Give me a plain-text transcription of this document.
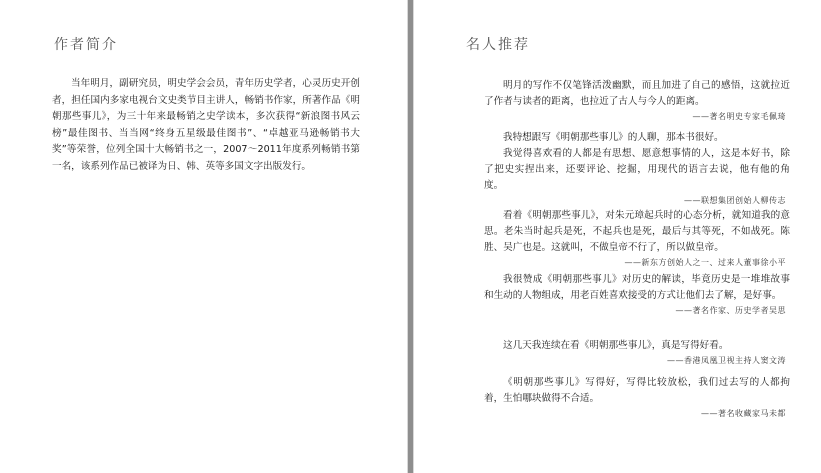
作者简介

当年明月，副研究员，明史学会会员，青年历史学者，心灵历史开创者，担任国内多家电视台文史类节目主讲人，畅销书作家，所著作品《明朝那些事儿》，为三十年来最畅销之史学读本，多次获得“新浪图书风云榜”最佳图书、当当网“终身五星级最佳图书”、“卓越亚马逊畅销书大奖”等荣誉，位列全国十大畅销书之一，2007～2011年度系列畅销书第一名，该系列作品已被译为日、韩、英等多国文字出版发行。

名人推荐

明月的写作不仅笔锋活泼幽默，而且加进了自己的感悟，这就拉近了作者与读者的距离，也拉近了古人与今人的距离。

——著名明史专家毛佩琦

我特想跟写《明朝那些事儿》的人聊，那本书很好。

我觉得喜欢看的人都是有思想、愿意想事情的人，这是本好书，除了把史实捏出来，还要评论、挖掘，用现代的语言去说，他有他的角度。

——联想集团创始人柳传志

看着《明朝那些事儿》，对朱元璋起兵时的心态分析，就知道我的意思。老朱当时起兵是死，不起兵也是死，最后与其等死，不如战死。陈胜、吴广也是。这就叫，不做皇帝不行了，所以做皇帝。

——新东方创始人之一、过来人董事徐小平

我很赞成《明朝那些事儿》对历史的解读，毕竟历史是一堆堆故事和生动的人物组成，用老百姓喜欢接受的方式让他们去了解，是好事。

——著名作家、历史学者吴思

这几天我连续在看《明朝那些事儿》，真是写得好看。

——香港凤凰卫视主持人窦文涛

《明朝那些事儿》写得好，写得比较放松，我们过去写的人都拘着，生怕哪块做得不合适。

——著名收藏家马未都
